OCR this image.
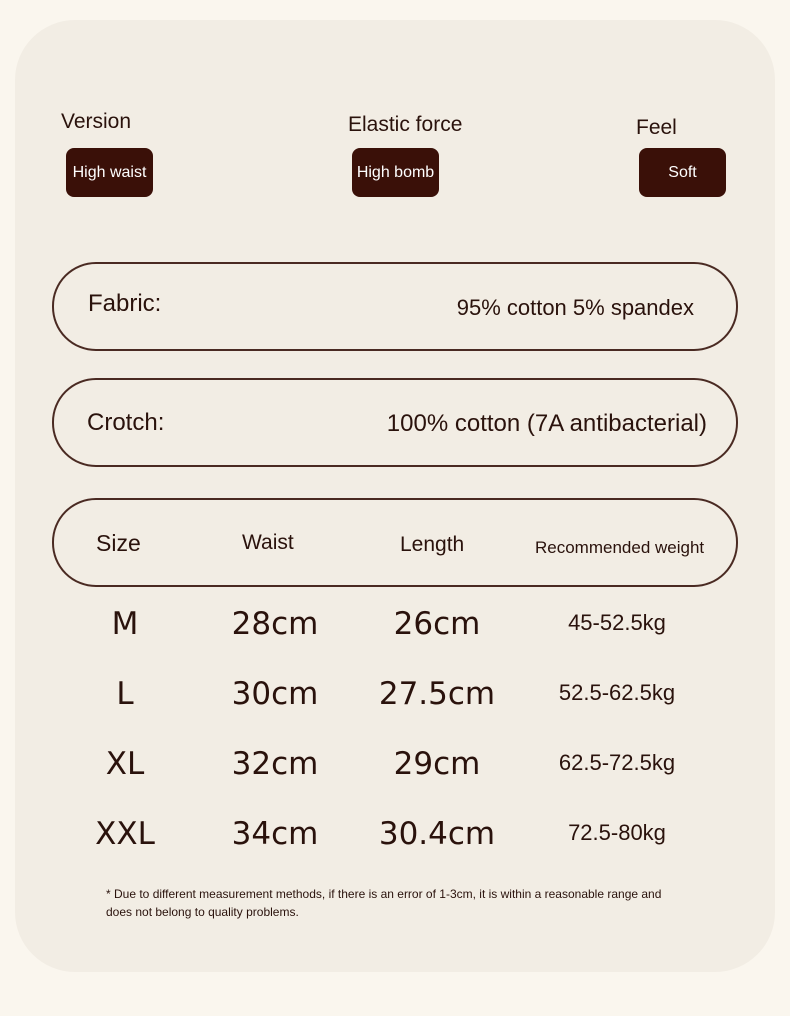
Version
High waist
Elastic force
High bomb
Feel
Soft
Fabric:	95% cotton 5% spandex
Crotch:	100% cotton (7A antibacterial)
Size	Waist	Length	Recommended weight
M	28cm	26cm	45-52.5kg
L	30cm	27.5cm	52.5-62.5kg
XL	32cm	29cm	62.5-72.5kg
XXL	34cm	30.4cm	72.5-80kg
* Due to different measurement methods, if there is an error of 1-3cm, it is within a reasonable range and does not belong to quality problems.
